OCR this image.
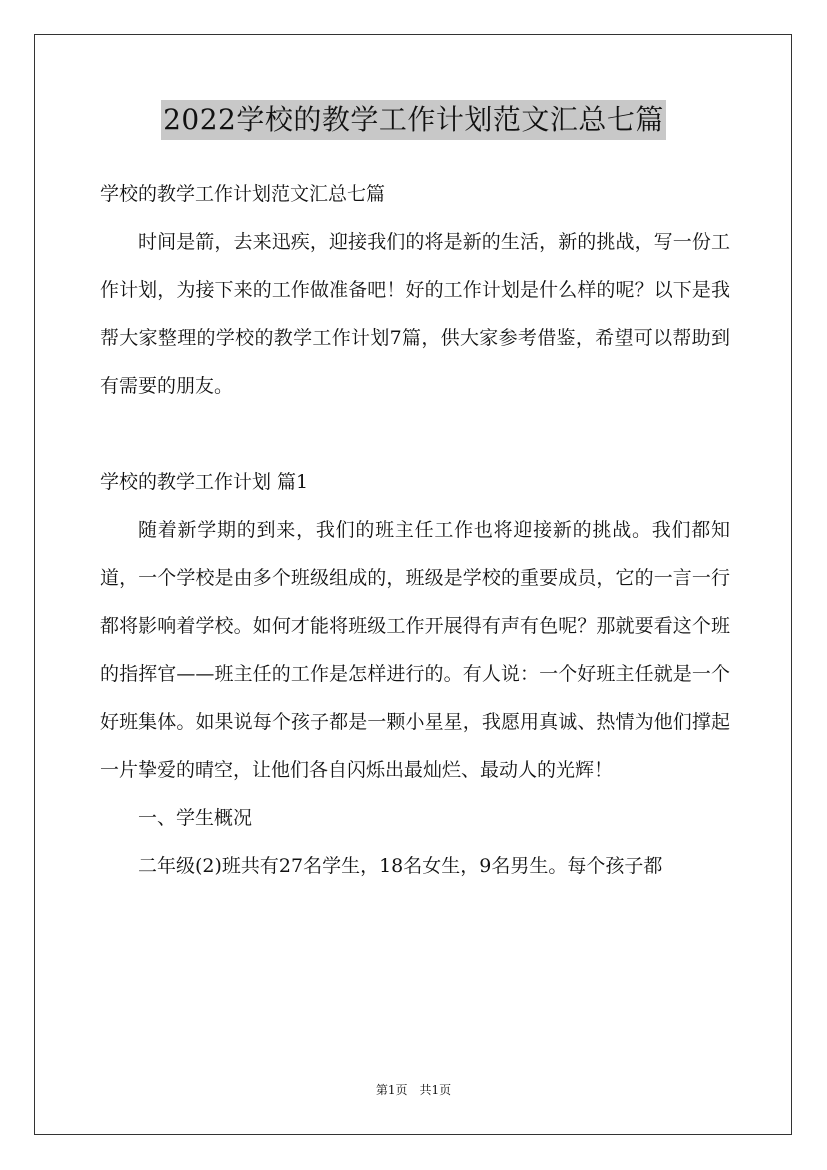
2022学校的教学工作计划范文汇总七篇

学校的教学工作计划范文汇总七篇

时间是箭，去来迅疾，迎接我们的将是新的生活，新的挑战，写一份工作计划，为接下来的工作做准备吧！好的工作计划是什么样的呢？以下是我帮大家整理的学校的教学工作计划7篇，供大家参考借鉴，希望可以帮助到有需要的朋友。

学校的教学工作计划 篇1

随着新学期的到来，我们的班主任工作也将迎接新的挑战。我们都知道，一个学校是由多个班级组成的，班级是学校的重要成员，它的一言一行都将影响着学校。如何才能将班级工作开展得有声有色呢？那就要看这个班的指挥官——班主任的工作是怎样进行的。有人说：一个好班主任就是一个好班集体。如果说每个孩子都是一颗小星星，我愿用真诚、热情为他们撑起一片挚爱的晴空，让他们各自闪烁出最灿烂、最动人的光辉！

一、学生概况

二年级(2)班共有27名学生，18名女生，9名男生。每个孩子都

第1页　共1页
